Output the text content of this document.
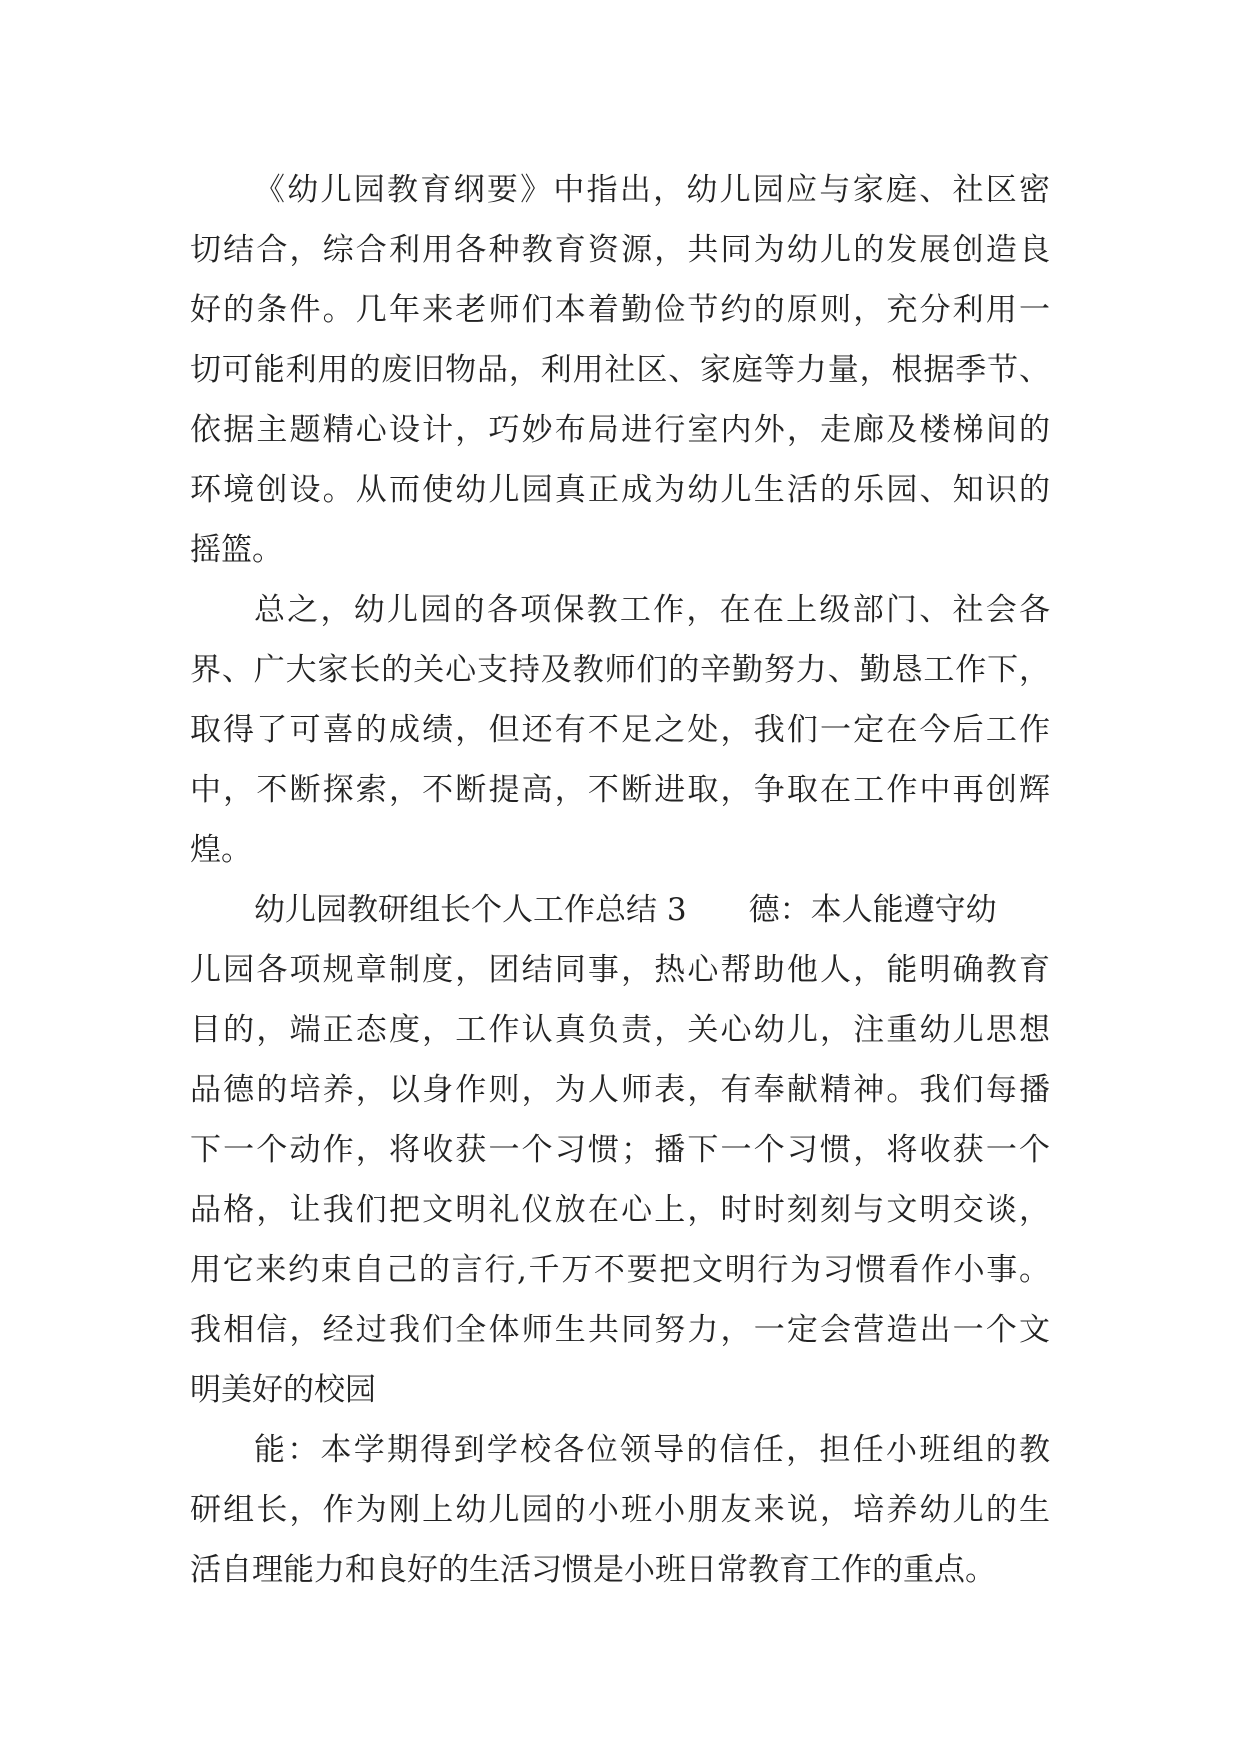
《幼儿园教育纲要》中指出，幼儿园应与家庭、社区密
切结合，综合利用各种教育资源，共同为幼儿的发展创造良
好的条件。几年来老师们本着勤俭节约的原则，充分利用一
切可能利用的废旧物品，利用社区、家庭等力量，根据季节、
依据主题精心设计，巧妙布局进行室内外，走廊及楼梯间的
环境创设。从而使幼儿园真正成为幼儿生活的乐园、知识的
摇篮。
总之，幼儿园的各项保教工作，在在上级部门、社会各
界、广大家长的关心支持及教师们的辛勤努力、勤恳工作下，
取得了可喜的成绩，但还有不足之处，我们一定在今后工作
中，不断探索，不断提高，不断进取，争取在工作中再创辉
煌。
幼儿园教研组长个人工作总结 3 德：本人能遵守幼
儿园各项规章制度，团结同事，热心帮助他人，能明确教育
目的，端正态度，工作认真负责，关心幼儿，注重幼儿思想
品德的培养，以身作则，为人师表，有奉献精神。我们每播
下一个动作，将收获一个习惯；播下一个习惯，将收获一个
品格，让我们把文明礼仪放在心上，时时刻刻与文明交谈，
用它来约束自己的言行,千万不要把文明行为习惯看作小事。
我相信，经过我们全体师生共同努力，一定会营造出一个文
明美好的校园
能：本学期得到学校各位领导的信任，担任小班组的教
研组长，作为刚上幼儿园的小班小朋友来说，培养幼儿的生
活自理能力和良好的生活习惯是小班日常教育工作的重点。
